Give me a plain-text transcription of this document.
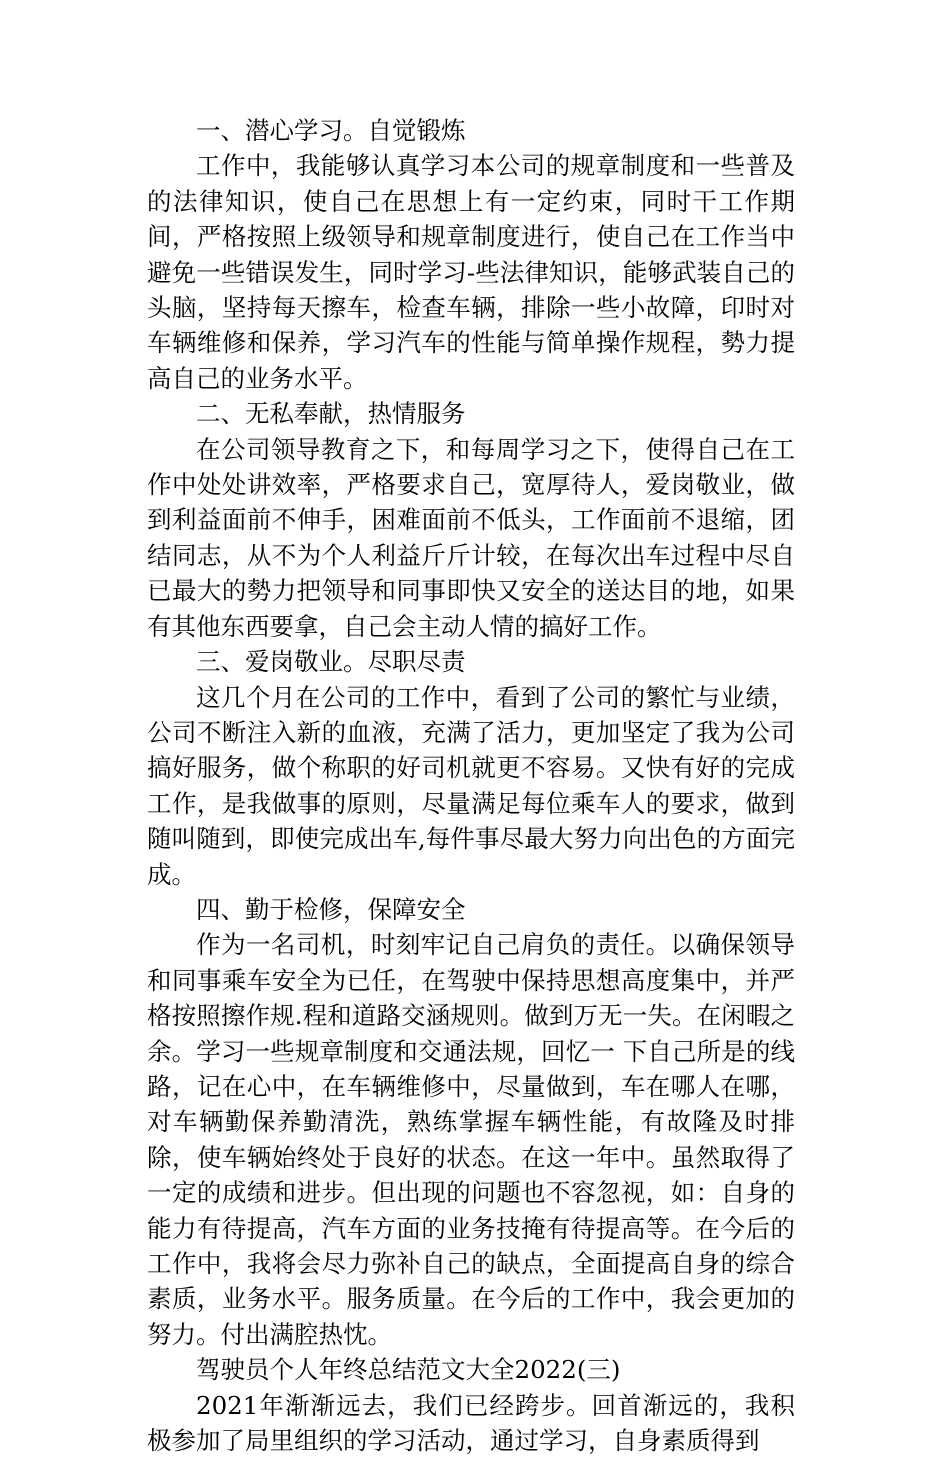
一、潜心学习。自觉锻炼

工作中，我能够认真学习本公司的规章制度和一些普及的法律知识，使自己在思想上有一定约束，同时干工作期间，严格按照上级领导和规章制度进行，使自己在工作当中避免一些错误发生，同时学习-些法律知识，能够武装自己的头脑，坚持每天擦车，检查车辆，排除一些小故障，印时对车辆维修和保养，学习汽车的性能与简单操作规程，勢力提高自己的业务水平。

二、无私奉献，热情服务

在公司领导教育之下，和每周学习之下，使得自己在工作中处处讲效率，严格要求自己，宽厚待人，爱岗敬业，做到利益面前不伸手，困难面前不低头，工作面前不退缩，团结同志，从不为个人利益斤斤计较，在每次出车过程中尽自已最大的勢力把领导和同事即快又安全的送达目的地，如果有其他东西要拿，自己会主动人情的搞好工作。

三、爱岗敬业。尽职尽责

这几个月在公司的工作中，看到了公司的繁忙与业绩，公司不断注入新的血液，充满了活力，更加坚定了我为公司搞好服务，做个称职的好司机就更不容易。又快有好的完成工作，是我做事的原则，尽量满足每位乘车人的要求，做到随叫随到，即使完成出车,每件事尽最大努力向出色的方面完成。

四、勤于检修，保障安全

作为一名司机，时刻牢记自己肩负的责任。以确保领导和同事乘车安全为已任，在驾驶中保持思想高度集中，并严格按照擦作规.程和道路交涵规则。做到万无一失。在闲暇之余。学习一些规章制度和交通法规，回忆一 下自己所是的线路，记在心中，在车辆维修中，尽量做到，车在哪人在哪，对车辆勤保养勤清洗，熟练掌握车辆性能，有故隆及时排除，使车辆始终处于良好的状态。在这一年中。虽然取得了一定的成绩和进步。但出现的问题也不容忽视，如：自身的能力有待提高，汽车方面的业务技掩有待提高等。在今后的工作中，我将会尽力弥补自己的缺点，全面提高自身的综合素质，业务水平。服务质量。在今后的工作中，我会更加的努力。付出满腔热忱。

驾驶员个人年终总结范文大全2022(三)

2021年渐渐远去，我们已经跨步。回首渐远的，我积极参加了局里组织的学习活动，通过学习，自身素质得到
